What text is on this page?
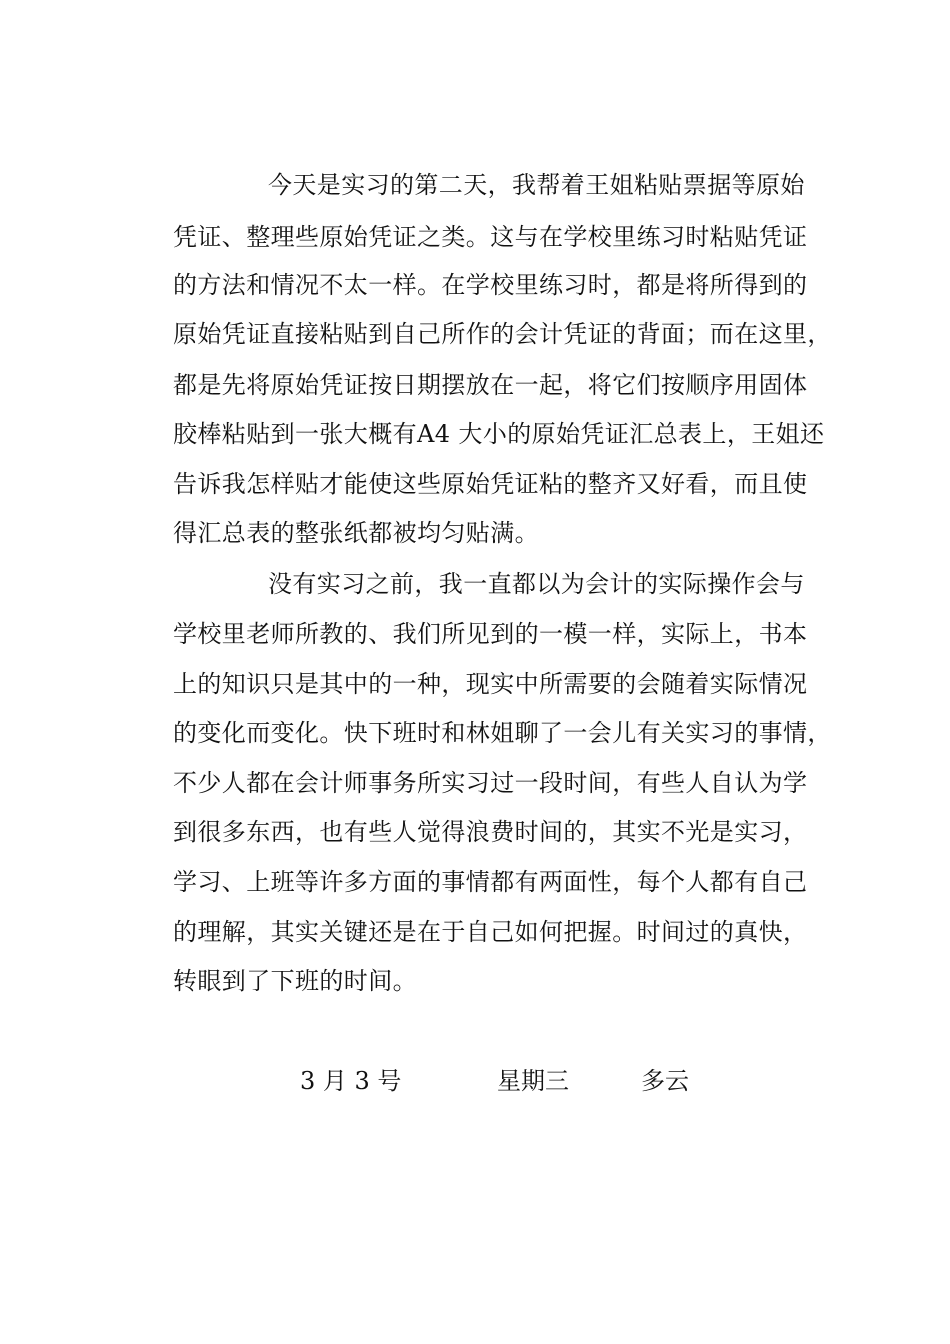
今天是实习的第二天，我帮着王姐粘贴票据等原始
凭证、整理些原始凭证之类。这与在学校里练习时粘贴凭证
的方法和情况不太一样。在学校里练习时，都是将所得到的
原始凭证直接粘贴到自己所作的会计凭证的背面；而在这里，
都是先将原始凭证按日期摆放在一起，将它们按顺序用固体
胶棒粘贴到一张大概有A4 大小的原始凭证汇总表上，王姐还
告诉我怎样贴才能使这些原始凭证粘的整齐又好看，而且使
得汇总表的整张纸都被均匀贴满。
没有实习之前，我一直都以为会计的实际操作会与
学校里老师所教的、我们所见到的一模一样，实际上，书本
上的知识只是其中的一种，现实中所需要的会随着实际情况
的变化而变化。快下班时和林姐聊了一会儿有关实习的事情，
不少人都在会计师事务所实习过一段时间，有些人自认为学
到很多东西，也有些人觉得浪费时间的，其实不光是实习，
学习、上班等许多方面的事情都有两面性，每个人都有自己
的理解，其实关键还是在于自己如何把握。时间过的真快，
转眼到了下班的时间。
3 月 3 号	星期三	多云
